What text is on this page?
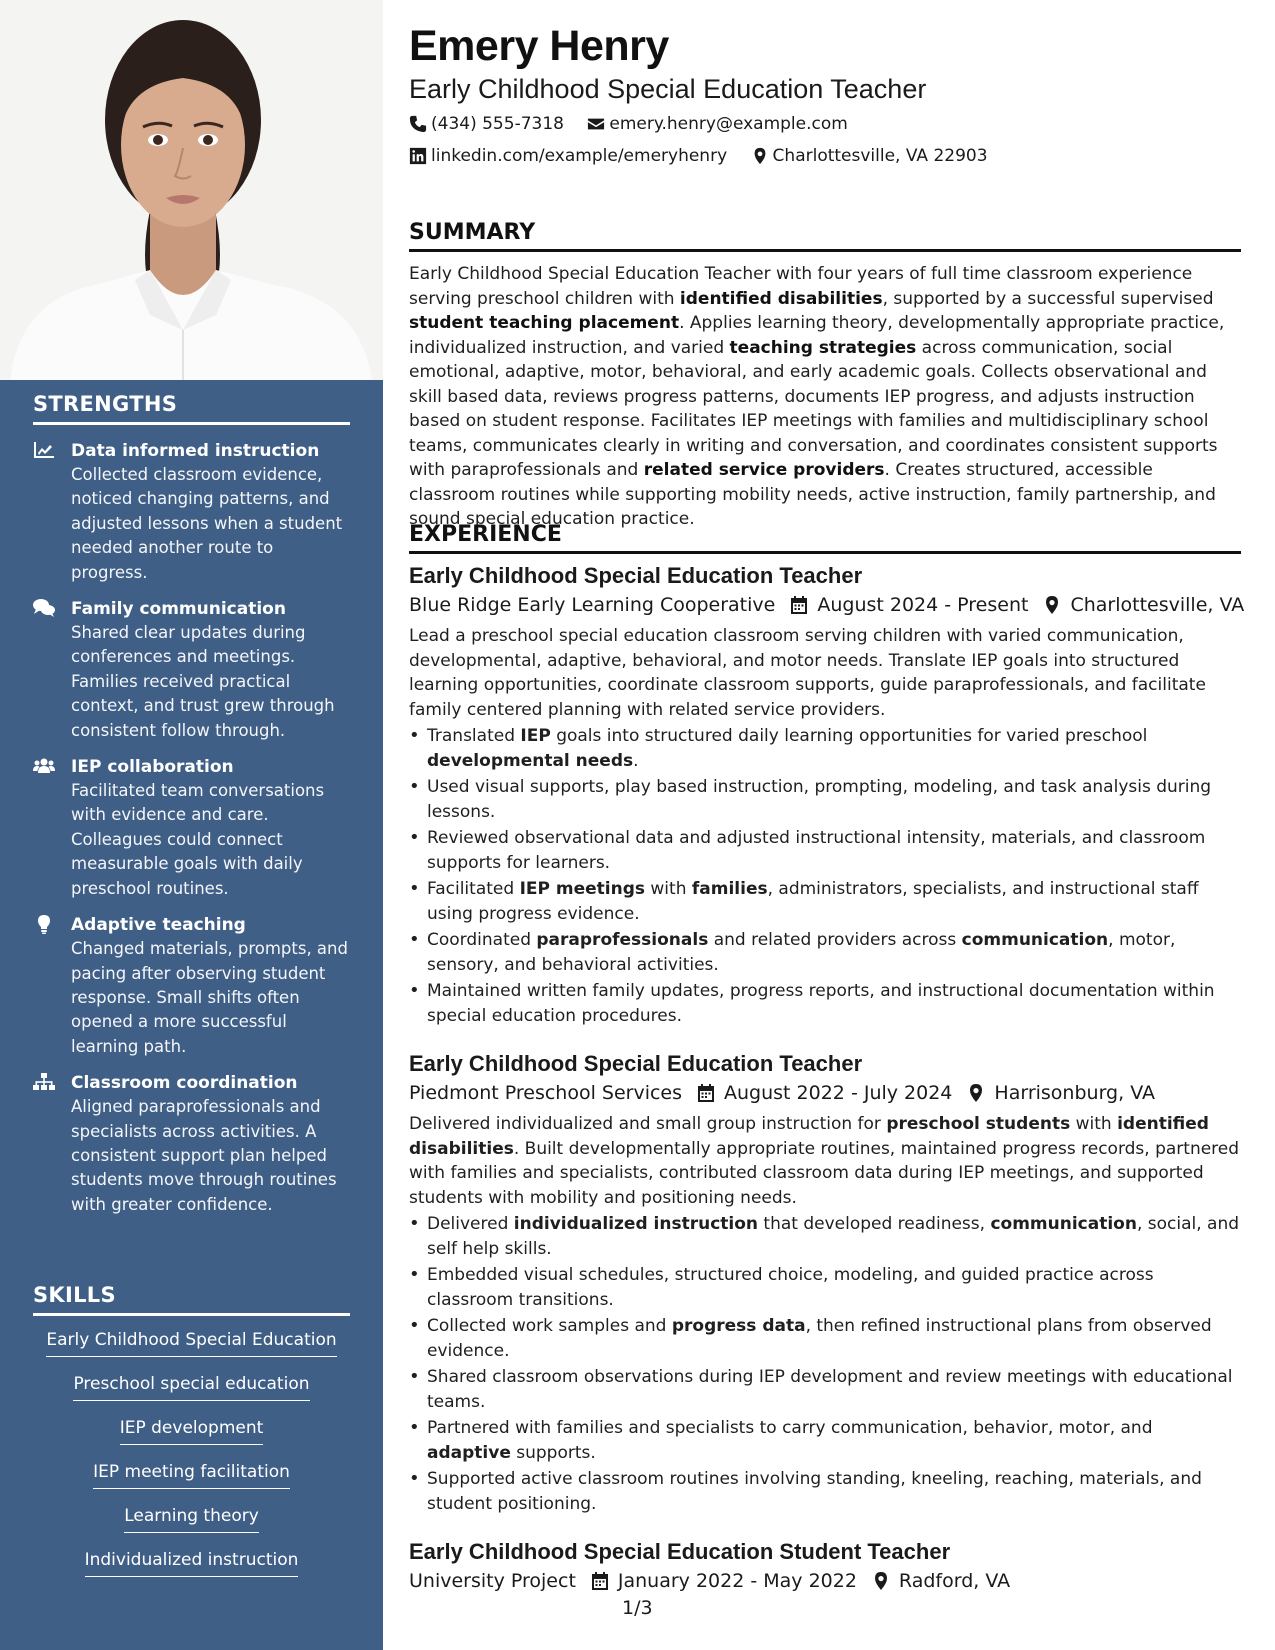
STRENGTHS
Data informed instruction
Collected classroom evidence, noticed changing patterns, and adjusted lessons when a student needed another route to progress.
Family communication
Shared clear updates during conferences and meetings. Families received practical context, and trust grew through consistent follow through.
IEP collaboration
Facilitated team conversations with evidence and care. Colleagues could connect measurable goals with daily preschool routines.
Adaptive teaching
Changed materials, prompts, and pacing after observing student response. Small shifts often opened a more successful learning path.
Classroom coordination
Aligned paraprofessionals and specialists across activities. A consistent support plan helped students move through routines with greater confidence.
SKILLS
Early Childhood Special Education
Preschool special education
IEP development
IEP meeting facilitation
Learning theory
Individualized instruction
Emery Henry
Early Childhood Special Education Teacher
(434) 555-7318
	emery.henry@example.com
linkedin.com/example/emeryhenry
	Charlottesville, VA 22903
SUMMARY
Early Childhood Special Education Teacher with four years of full time classroom experience serving preschool children with identified disabilities, supported by a successful supervised student teaching placement. Applies learning theory, developmentally appropriate practice, individualized instruction, and varied teaching strategies across communication, social emotional, adaptive, motor, behavioral, and early academic goals. Collects observational and skill based data, reviews progress patterns, documents IEP progress, and adjusts instruction based on student response. Facilitates IEP meetings with families and multidisciplinary school teams, communicates clearly in writing and conversation, and coordinates consistent supports with paraprofessionals and related service providers. Creates structured, accessible classroom routines while supporting mobility needs, active instruction, family partnership, and sound special education practice.
EXPERIENCE
Early Childhood Special Education Teacher
Blue Ridge Early Learning Cooperative August 2024 - Present Charlottesville, VA
Lead a preschool special education classroom serving children with varied communication, developmental, adaptive, behavioral, and motor needs. Translate IEP goals into structured learning opportunities, coordinate classroom supports, guide paraprofessionals, and facilitate family centered planning with related service providers.
• Translated IEP goals into structured daily learning opportunities for varied preschool developmental needs.
• Used visual supports, play based instruction, prompting, modeling, and task analysis during lessons.
• Reviewed observational data and adjusted instructional intensity, materials, and classroom supports for learners.
• Facilitated IEP meetings with families, administrators, specialists, and instructional staff using progress evidence.
• Coordinated paraprofessionals and related providers across communication, motor, sensory, and behavioral activities.
• Maintained written family updates, progress reports, and instructional documentation within special education procedures.
Early Childhood Special Education Teacher
Piedmont Preschool Services August 2022 - July 2024 Harrisonburg, VA
Delivered individualized and small group instruction for preschool students with identified disabilities. Built developmentally appropriate routines, maintained progress records, partnered with families and specialists, contributed classroom data during IEP meetings, and supported students with mobility and positioning needs.
• Delivered individualized instruction that developed readiness, communication, social, and self help skills.
• Embedded visual schedules, structured choice, modeling, and guided practice across classroom transitions.
• Collected work samples and progress data, then refined instructional plans from observed evidence.
• Shared classroom observations during IEP development and review meetings with educational teams.
• Partnered with families and specialists to carry communication, behavior, motor, and adaptive supports.
• Supported active classroom routines involving standing, kneeling, reaching, materials, and student positioning.
Early Childhood Special Education Student Teacher
University Project January 2022 - May 2022 Radford, VA
1/3
